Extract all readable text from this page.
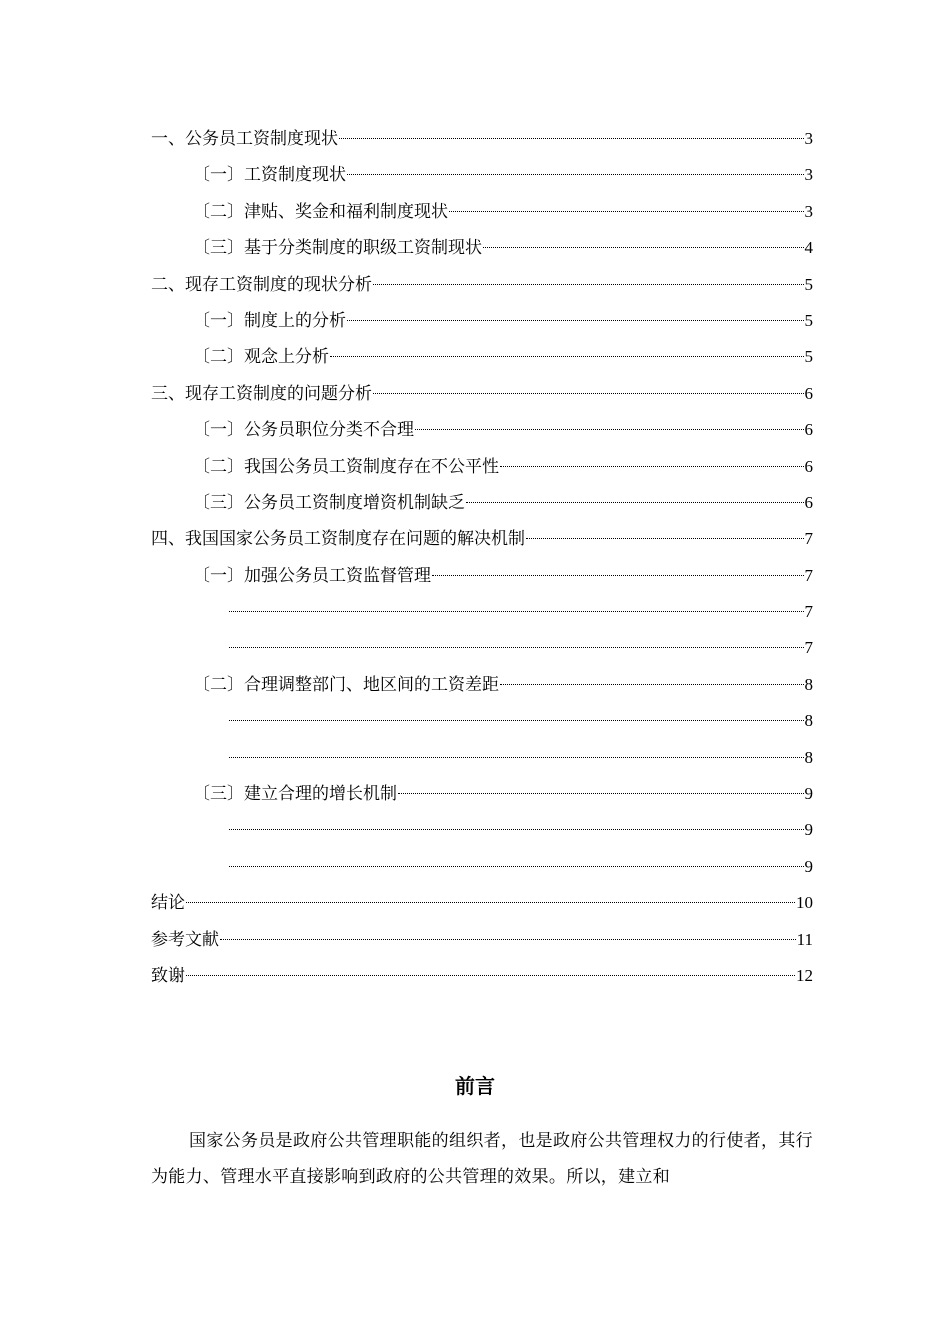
一、公务员工资制度现状	3
〔一〕工资制度现状	3
〔二〕津贴、奖金和福利制度现状	3
〔三〕基于分类制度的职级工资制现状	4
二、现存工资制度的现状分析	5
〔一〕制度上的分析	5
〔二〕观念上分析	5
三、现存工资制度的问题分析	6
〔一〕公务员职位分类不合理	6
〔二〕我国公务员工资制度存在不公平性	6
〔三〕公务员工资制度增资机制缺乏	6
四、我国国家公务员工资制度存在问题的解决机制	7
〔一〕加强公务员工资监督管理	7
7
7
〔二〕合理调整部门、地区间的工资差距	8
8
8
〔三〕建立合理的增长机制	9
9
9
结论	10
参考文献	11
致谢	12
前言
国家公务员是政府公共管理职能的组织者，也是政府公共管理权力的行使者，其行为能力、管理水平直接影响到政府的公共管理的效果。所以，建立和
